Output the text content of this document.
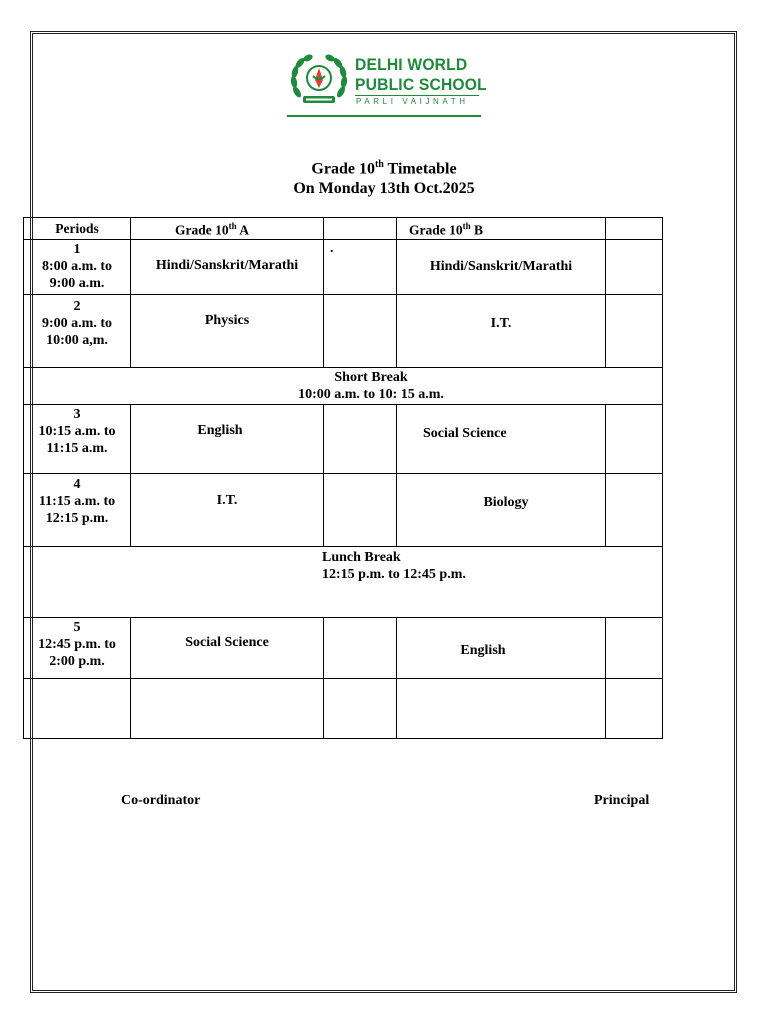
DELHI WORLD
PUBLIC SCHOOL
PARLI VAIJNATH
Grade 10th Timetable
On Monday 13th Oct.2025
Periods	Grade 10th A		Grade 10th B	

1
8:00 a.m. to
9:00 a.m.	Hindi/Sanskrit/Marathi	.	Hindi/Sanskrit/Marathi	

2
9:00 a.m. to
10:00 a,m.	Physics		I.T.	

Short Break
10:00 a.m. to 10: 15 a.m.				

3
10:15 a.m. to
11:15 a.m.	English		Social Science	

4
11:15 a.m. to
12:15 p.m.	I.T.		Biology	

Lunch Break
12:15 p.m. to 12:45 p.m.				

5
12:45 p.m. to
2:00 p.m.	Social Science		English	

Co-ordinator	Principal
